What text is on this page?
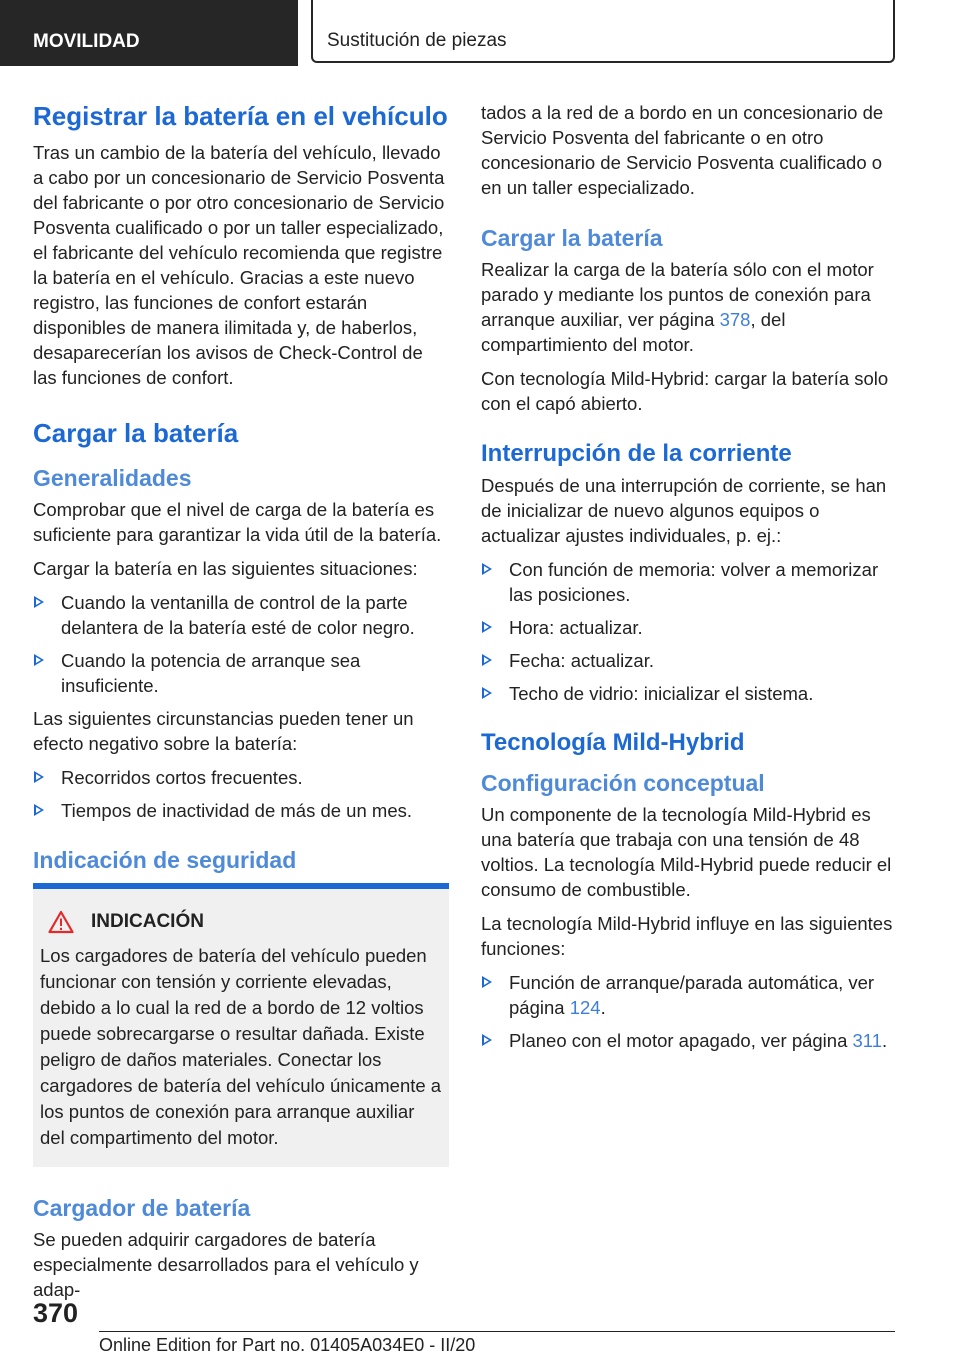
MOVILIDAD	Sustitución de piezas
Registrar la batería en el vehículo

Tras un cambio de la batería del vehículo, llevado a cabo por un concesionario de Servicio Posventa del fabricante o por otro concesionario de Servicio Posventa cualificado o por un taller especializado, el fabricante del vehículo recomienda que registre la batería en el vehículo. Gracias a este nuevo registro, las funciones de confort estarán disponibles de manera ilimitada y, de haberlos, desaparecerían los avisos de Check-Control de las funciones de confort.

Cargar la batería
Generalidades

Comprobar que el nivel de carga de la batería es suficiente para garantizar la vida útil de la batería.

Cargar la batería en las siguientes situaciones:

Cuando la ventanilla de control de la parte delantera de la batería esté de color negro.
Cuando la potencia de arranque sea insuficiente.

Las siguientes circunstancias pueden tener un efecto negativo sobre la batería:

Recorridos cortos frecuentes.
Tiempos de inactividad de más de un mes.
Indicación de seguridad
INDICACIÓN

Los cargadores de batería del vehículo pueden funcionar con tensión y corriente elevadas, debido a lo cual la red de a bordo de 12 voltios puede sobrecargarse o resultar dañada. Existe peligro de daños materiales. Conectar los cargadores de batería del vehículo únicamente a los puntos de conexión para arranque auxiliar del compartimento del motor.

Cargador de batería

Se pueden adquirir cargadores de batería especialmente desarrollados para el vehículo y adap-

tados a la red de a bordo en un concesionario de Servicio Posventa del fabricante o en otro concesionario de Servicio Posventa cualificado o en un taller especializado.

Cargar la batería

Realizar la carga de la batería sólo con el motor parado y mediante los puntos de conexión para arranque auxiliar, ver página 378, del compartimiento del motor.

Con tecnología Mild-Hybrid: cargar la batería solo con el capó abierto.

Interrupción de la corriente

Después de una interrupción de corriente, se han de inicializar de nuevo algunos equipos o actualizar ajustes individuales, p. ej.:

Con función de memoria: volver a memorizar las posiciones.
Hora: actualizar.
Fecha: actualizar.
Techo de vidrio: inicializar el sistema.
Tecnología Mild-Hybrid
Configuración conceptual

Un componente de la tecnología Mild-Hybrid es una batería que trabaja con una tensión de 48 voltios. La tecnología Mild-Hybrid puede reducir el consumo de combustible.

La tecnología Mild-Hybrid influye en las siguientes funciones:

Función de arranque/parada automática, ver página 124.
Planeo con el motor apagado, ver página 311.
370
Online Edition for Part no. 01405A034E0 - II/20
